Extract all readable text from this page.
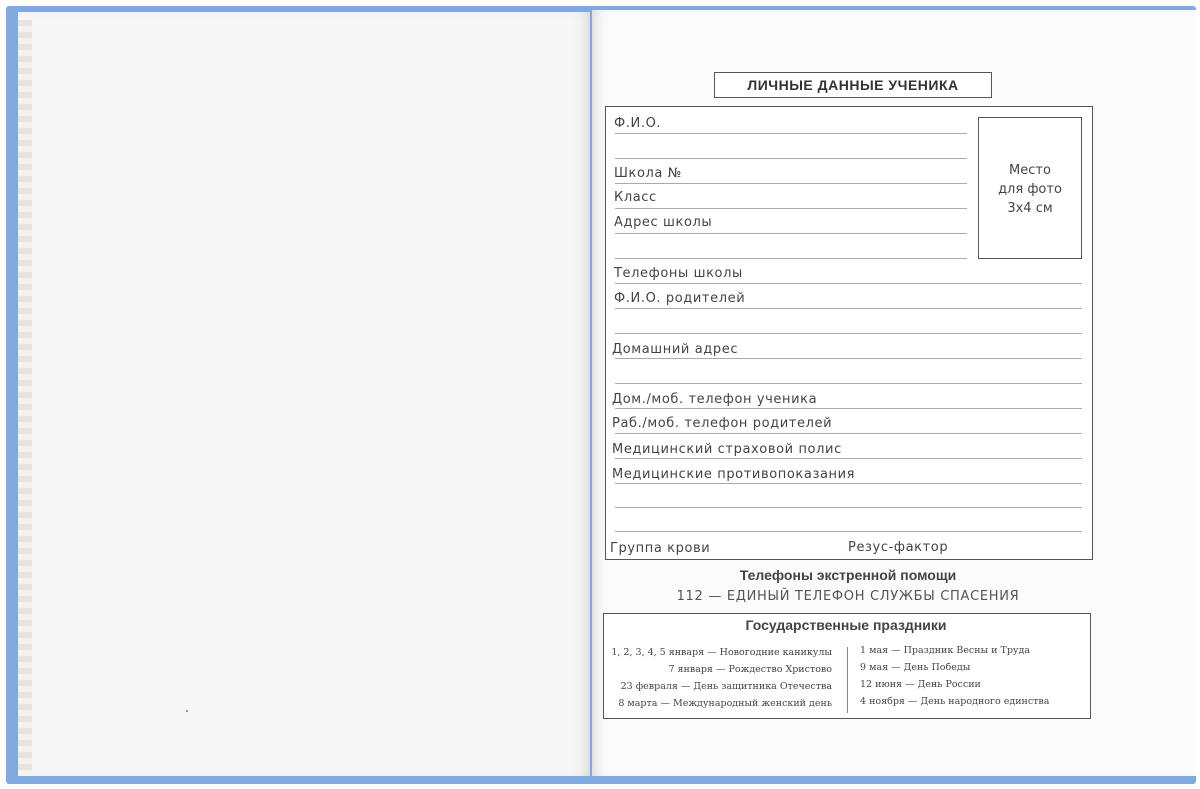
ЛИЧНЫЕ ДАННЫЕ УЧЕНИКА
Место
для фото
3x4 см
Ф.И.О.
Школа №
Класс
Адрес школы
Телефоны школы
Ф.И.О. родителей
Домашний адрес
Дом./моб. телефон ученика
Раб./моб. телефон родителей
Медицинский страховой полис
Медицинские противопоказания
Группа крови	Резус-фактор
Телефоны экстренной помощи
112 — ЕДИНЫЙ ТЕЛЕФОН СЛУЖБЫ СПАСЕНИЯ
Государственные праздники
1, 2, 3, 4, 5 января — Новогодние каникулы
7 января — Рождество Христово
23 февраля — День защитника Отечества
8 марта — Международный женский день
1 мая — Праздник Весны и Труда
9 мая — День Победы
12 июня — День России
4 ноября — День народного единства
